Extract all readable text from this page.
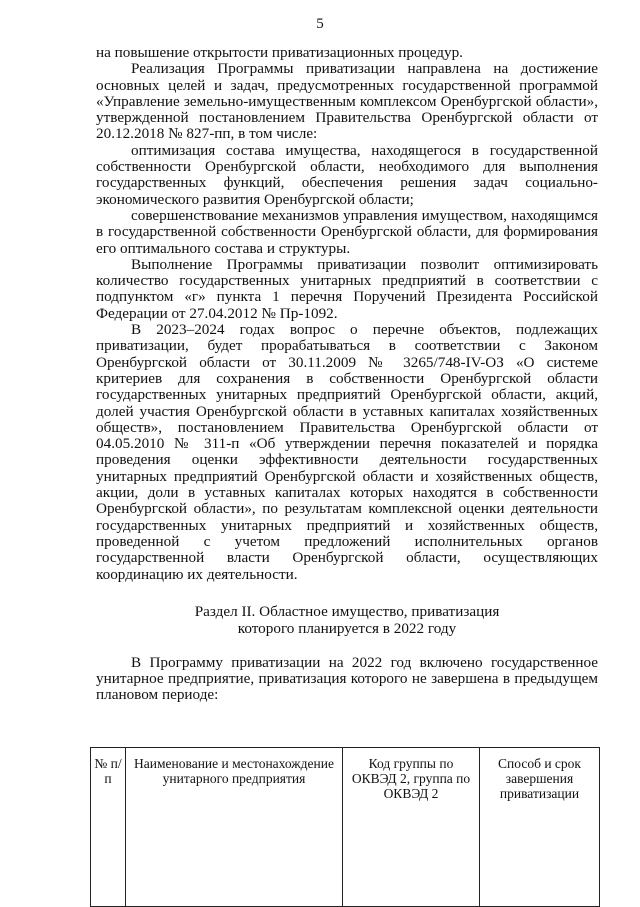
5

на повышение открытости приватизационных процедур.

Реализация Программы приватизации направлена на достижение основных целей и задач, предусмотренных государственной программой «Управление земельно-имущественным комплексом Оренбургской области», утвержденной постановлением Правительства Оренбургской области от 20.12.2018 № 827-пп, в том числе:

оптимизация состава имущества, находящегося в государственной собственности Оренбургской области, необходимого для выполнения государственных функций, обеспечения решения задач социально-экономического развития Оренбургской области;

совершенствование механизмов управления имуществом, находящимся в государственной собственности Оренбургской области, для формирования его оптимального состава и структуры.

Выполнение Программы приватизации позволит оптимизировать количество государственных унитарных предприятий в соответствии с подпунктом «г» пункта 1 перечня Поручений Президента Российской Федерации от 27.04.2012 № Пр-1092.

В 2023–2024 годах вопрос о перечне объектов, подлежащих приватизации, будет прорабатываться в соответствии с Законом Оренбургской области от 30.11.2009 № 3265/748-IV-ОЗ «О системе критериев для сохранения в собственности Оренбургской области государственных унитарных предприятий Оренбургской области, акций, долей участия Оренбургской области в уставных капиталах хозяйственных обществ», постановлением Правительства Оренбургской области от 04.05.2010 № 311-п «Об утверждении перечня показателей и порядка проведения оценки эффективности деятельности государственных унитарных предприятий Оренбургской области и хозяйственных обществ, акции, доли в уставных капиталах которых находятся в собственности Оренбургской области», по результатам комплексной оценки деятельности государственных унитарных предприятий и хозяйственных обществ, проведенной с учетом предложений исполнительных органов государственной власти Оренбургской области, осуществляющих координацию их деятельности.

Раздел II. Областное имущество, приватизация
которого планируется в 2022 году

В Программу приватизации на 2022 год включено государственное унитарное предприятие, приватизация которого не завершена в предыдущем плановом периоде:

№ п/п	Наименование и местонахождение унитарного предприятия	Код группы по ОКВЭД 2, группа по ОКВЭД 2	Способ и срок завершения приватизации
